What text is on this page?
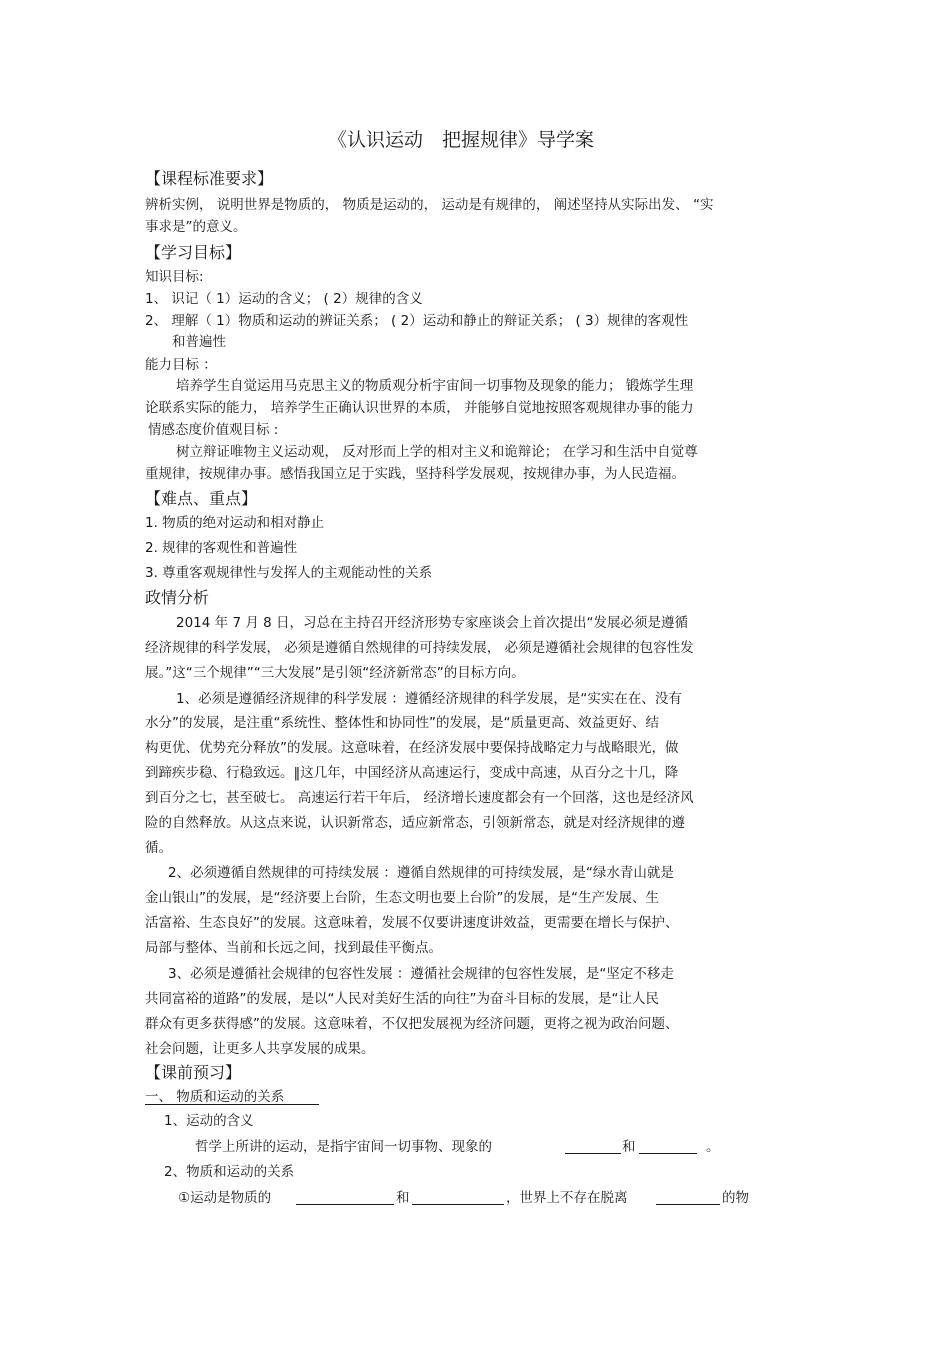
《认识运动　把握规律》导学案
【课程标准要求】
辨析实例， 说明世界是物质的， 物质是运动的， 运动是有规律的， 阐述坚持从实际出发、 “实
事求是”的意义。
【学习目标】
知识目标:
1、 识记（ 1）运动的含义； ( 2）规律的含义
2、 理解（ 1）物质和运动的辨证关系； ( 2）运动和静止的辩证关系； ( 3）规律的客观性
和普遍性
能力目标 ：
培养学生自觉运用马克思主义的物质观分析宇宙间一切事物及现象的能力； 锻炼学生理
论联系实际的能力， 培养学生正确认识世界的本质， 并能够自觉地按照客观规律办事的能力
情感态度价值观目标 :
树立辩证唯物主义运动观， 反对形而上学的相对主义和诡辩论； 在学习和生活中自觉尊
重规律，按规律办事。感悟我国立足于实践，坚持科学发展观，按规律办事，为人民造福。
【难点、重点】
1. 物质的绝对运动和相对静止
2. 规律的客观性和普遍性
3. 尊重客观规律性与发挥人的主观能动性的关系
政情分析
2014 年 7 月 8 日，习总在主持召开经济形势专家座谈会上首次提出“发展必须是遵循
经济规律的科学发展， 必须是遵循自然规律的可持续发展， 必须是遵循社会规律的包容性发
展。”这“三个规律”“三大发展”是引领“经济新常态”的目标方向。
1、必须是遵循经济规律的科学发展 ：遵循经济规律的科学发展，是“实实在在、没有
水分”的发展，是注重“系统性、整体性和协同性”的发展，是“质量更高、效益更好、结
构更优、优势充分释放”的发展。这意味着，在经济发展中要保持战略定力与战略眼光，做
到蹄疾步稳、行稳致远。‖这几年，中国经济从高速运行，变成中高速，从百分之十几，降
到百分之七，甚至破七。 高速运行若干年后， 经济增长速度都会有一个回落，这也是经济风
险的自然释放。从这点来说，认识新常态，适应新常态，引领新常态，就是对经济规律的遵
循。
2、必须遵循自然规律的可持续发展 ：遵循自然规律的可持续发展，是“绿水青山就是
金山银山”的发展，是“经济要上台阶，生态文明也要上台阶”的发展，是“生产发展、生
活富裕、生态良好”的发展。这意味着，发展不仅要讲速度讲效益，更需要在增长与保护、
局部与整体、当前和长远之间，找到最佳平衡点。
3、必须是遵循社会规律的包容性发展 ：遵循社会规律的包容性发展，是“坚定不移走
共同富裕的道路”的发展，是以“人民对美好生活的向往”为奋斗目标的发展，是“让人民
群众有更多获得感”的发展。这意味着，不仅把发展视为经济问题，更将之视为政治问题、
社会问题，让更多人共享发展的成果。
【课前预习】
一、 物质和运动的关系
1、运动的含义
哲学上所讲的运动，是指宇宙间一切事物、现象的	和	。
2、物质和运动的关系
①运动是物质的	和	，世界上不存在脱离	的物
